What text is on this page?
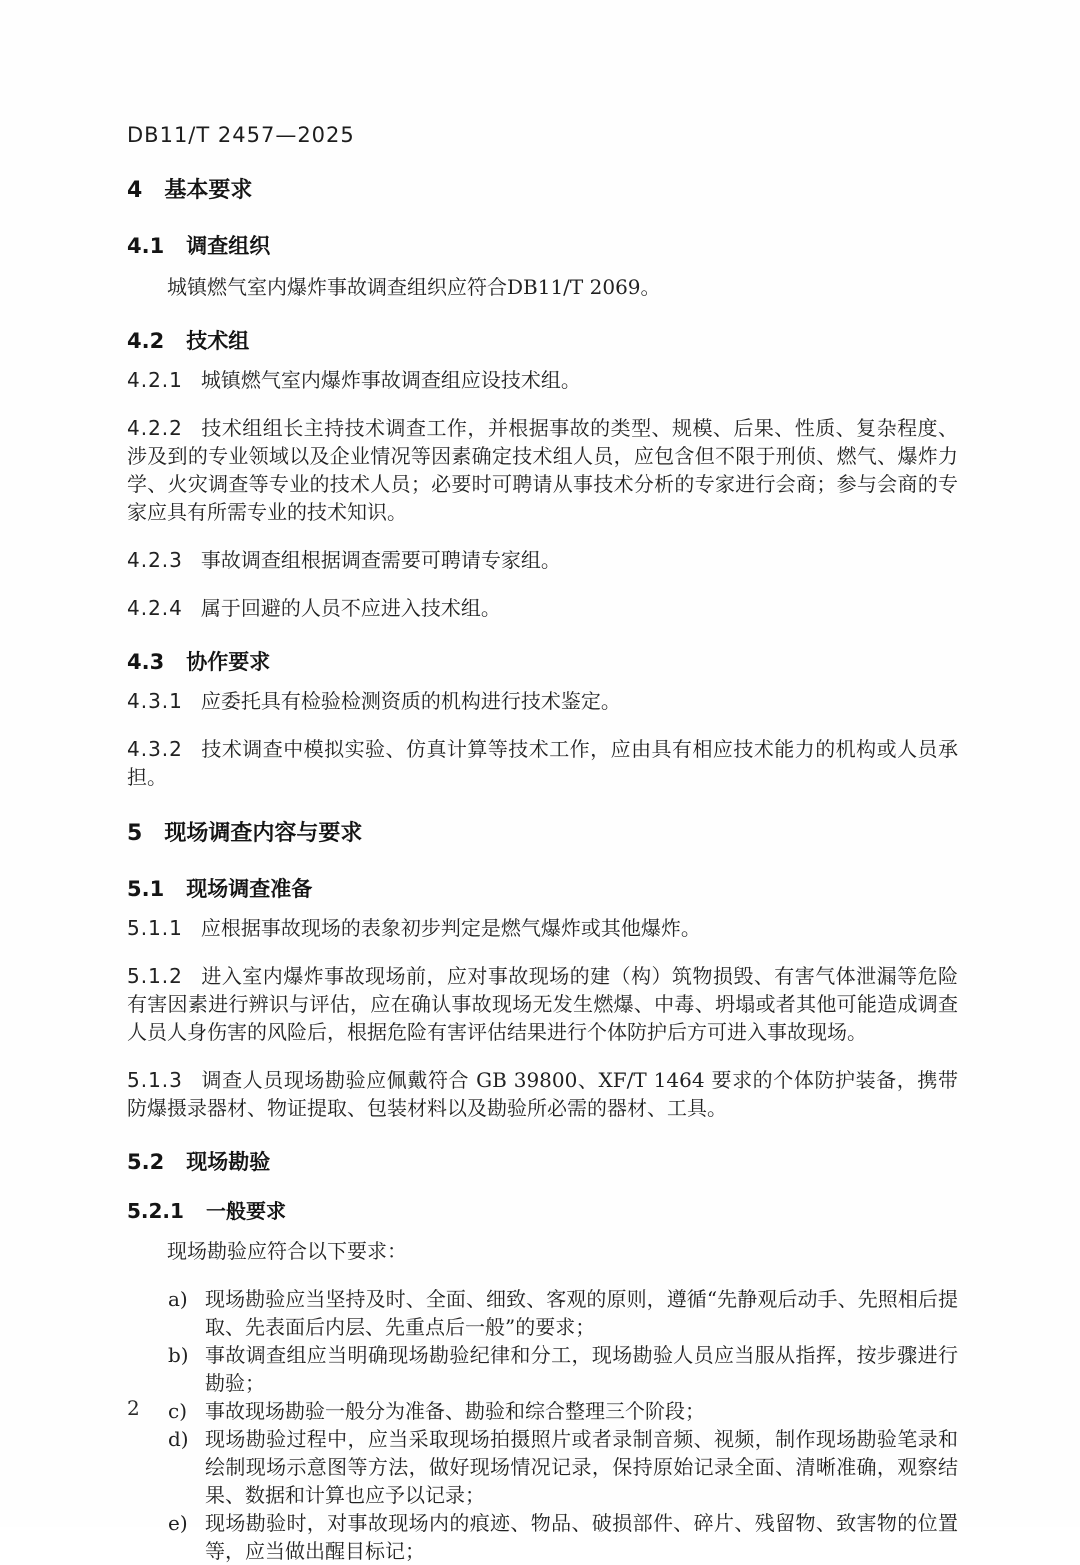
DB11/T 2457—2025
4 基本要求
4.1 调查组织

城镇燃气室内爆炸事故调查组织应符合DB11/T 2069。

4.2 技术组

4.2.1 城镇燃气室内爆炸事故调查组应设技术组。

4.2.2 技术组组长主持技术调查工作，并根据事故的类型、规模、后果、性质、复杂程度、涉及到的专业领域以及企业情况等因素确定技术组人员，应包含但不限于刑侦、燃气、爆炸力学、火灾调查等专业的技术人员；必要时可聘请从事技术分析的专家进行会商；参与会商的专家应具有所需专业的技术知识。

4.2.3 事故调查组根据调查需要可聘请专家组。

4.2.4 属于回避的人员不应进入技术组。

4.3 协作要求

4.3.1 应委托具有检验检测资质的机构进行技术鉴定。

4.3.2 技术调查中模拟实验、仿真计算等技术工作，应由具有相应技术能力的机构或人员承担。

5 现场调查内容与要求
5.1 现场调查准备

5.1.1 应根据事故现场的表象初步判定是燃气爆炸或其他爆炸。

5.1.2 进入室内爆炸事故现场前，应对事故现场的建（构）筑物损毁、有害气体泄漏等危险有害因素进行辨识与评估，应在确认事故现场无发生燃爆、中毒、坍塌或者其他可能造成调查人员人身伤害的风险后，根据危险有害评估结果进行个体防护后方可进入事故现场。

5.1.3 调查人员现场勘验应佩戴符合 GB 39800、XF/T 1464 要求的个体防护装备，携带防爆摄录器材、物证提取、包装材料以及勘验所必需的器材、工具。

5.2 现场勘验
5.2.1 一般要求

现场勘验应符合以下要求：

a) 现场勘验应当坚持及时、全面、细致、客观的原则，遵循“先静观后动手、先照相后提取、先表面后内层、先重点后一般”的要求；
b) 事故调查组应当明确现场勘验纪律和分工，现场勘验人员应当服从指挥，按步骤进行勘验；
c) 事故现场勘验一般分为准备、勘验和综合整理三个阶段；
d) 现场勘验过程中，应当采取现场拍摄照片或者录制音频、视频，制作现场勘验笔录和绘制现场示意图等方法，做好现场情况记录，保持原始记录全面、清晰准确，观察结果、数据和计算也应予以记录；
e) 现场勘验时，对事故现场内的痕迹、物品、破损部件、碎片、残留物、致害物的位置等，应当做出醒目标记；
2
